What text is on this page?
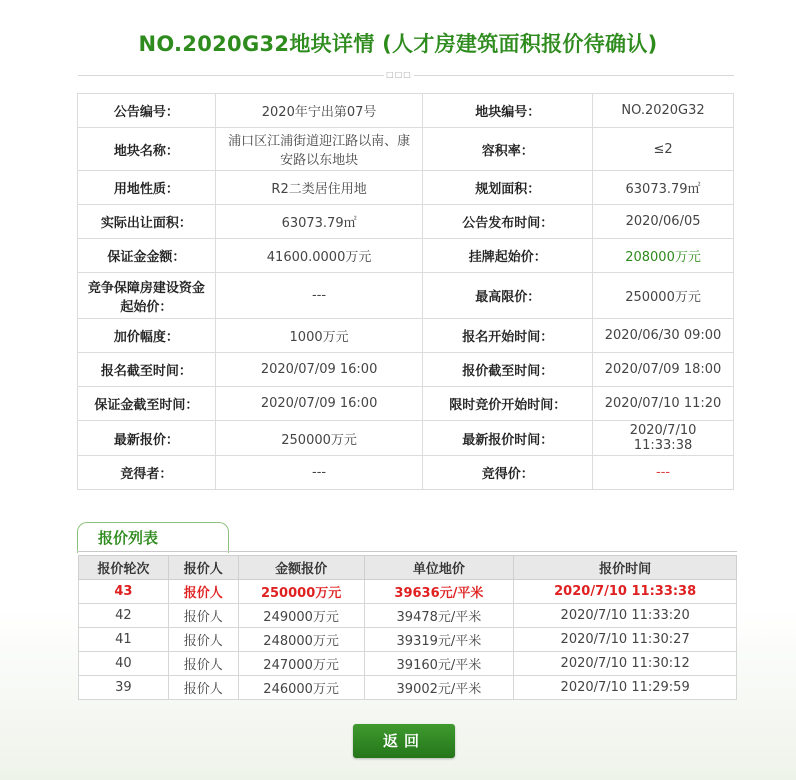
NO.2020G32地块详情 (人才房建筑面积报价待确认)
□□□
公告编号：	2020年宁出第07号	地块编号：	NO.2020G32
地块名称：	浦口区江浦街道迎江路以南、康安路以东地块	容积率：	≤2
用地性质：	R2二类居住用地	规划面积：	63073.79㎡
实际出让面积：	63073.79㎡	公告发布时间：	2020/06/05
保证金金额：	41600.0000万元	挂牌起始价：	208000万元
竞争保障房建设资金起始价：	---	最高限价：	250000万元
加价幅度：	1000万元	报名开始时间：	2020/06/30 09:00
报名截至时间：	2020/07/09 16:00	报价截至时间：	2020/07/09 18:00
保证金截至时间：	2020/07/09 16:00	限时竞价开始时间：	2020/07/10 11:20
最新报价：	250000万元	最新报价时间：	2020/7/10 11:33:38
竞得者：	---	竞得价：	---
报价列表
报价轮次	报价人	金额报价	单位地价	报价时间
43	报价人	250000万元	39636元/平米	2020/7/10 11:33:38
42	报价人	249000万元	39478元/平米	2020/7/10 11:33:20
41	报价人	248000万元	39319元/平米	2020/7/10 11:30:27
40	报价人	247000万元	39160元/平米	2020/7/10 11:30:12
39	报价人	246000万元	39002元/平米	2020/7/10 11:29:59
返回
